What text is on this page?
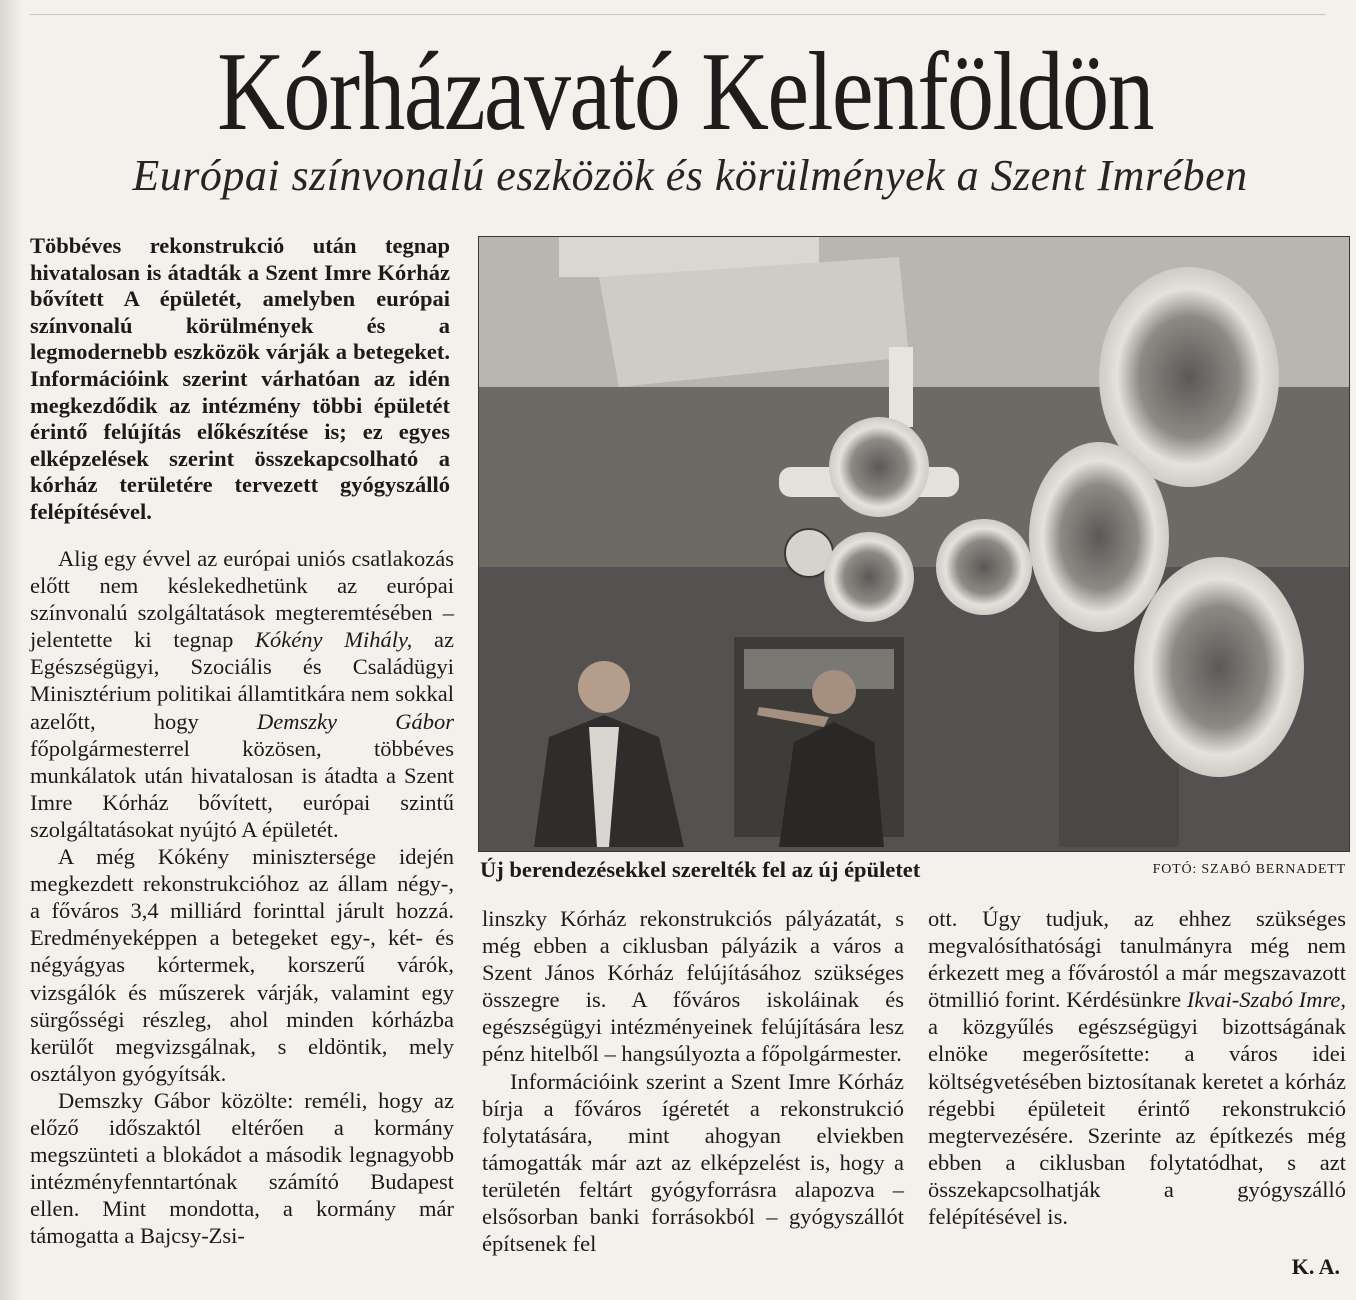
Kórházavató Kelenföldön
Európai színvonalú eszközök és körülmények a Szent Imrében

Többéves rekonstrukció után tegnap hivatalosan is átadták a Szent Imre Kórház bővített A épületét, amelyben európai színvonalú körülmények és a legmodernebb eszközök várják a betegeket. Információink szerint várhatóan az idén megkezdődik az intézmény többi épületét érintő felújítás előkészítése is; ez egyes elképzelések szerint összekapcsolható a kórház területére tervezett gyógyszálló felépítésével.

Alig egy évvel az európai uniós csatlakozás előtt nem késlekedhetünk az európai színvonalú szolgáltatások megteremtésében – jelentette ki tegnap Kókény Mihály, az Egészségügyi, Szociális és Családügyi Minisztérium politikai államtitkára nem sokkal azelőtt, hogy Demszky Gábor főpolgármesterrel közösen, többéves munkálatok után hivatalosan is átadta a Szent Imre Kórház bővített, európai szintű szolgáltatásokat nyújtó A épületét.

A még Kókény minisztersége idején megkezdett rekonstrukcióhoz az állam négy-, a főváros 3,4 milliárd forinttal járult hozzá. Eredményeképpen a betegeket egy-, két- és négyágyas kórtermek, korszerű várók, vizsgálók és műszerek várják, valamint egy sürgősségi részleg, ahol minden kórházba kerülőt megvizsgálnak, s eldöntik, mely osztályon gyógyítsák.

Demszky Gábor közölte: reméli, hogy az előző időszaktól eltérően a kormány megszünteti a blokádot a második legnagyobb intézményfenntartónak számító Budapest ellen. Mint mondotta, a kormány már támogatta a Bajcsy-Zsi-

Új berendezésekkel szerelték fel az új épületet	FOTÓ: SZABÓ BERNADETT

linszky Kórház rekonstrukciós pályázatát, s még ebben a ciklusban pályázik a város a Szent János Kórház felújításához szükséges összegre is. A főváros iskoláinak és egészségügyi intézményeinek felújítására lesz pénz hitelből – hangsúlyozta a főpolgármester.

Információink szerint a Szent Imre Kórház bírja a főváros ígéretét a rekonstrukció folytatására, mint ahogyan elviekben támogatták már azt az elképzelést is, hogy a területén feltárt gyógyforrásra alapozva – elsősorban banki forrásokból – gyógyszállót építsenek fel

ott. Úgy tudjuk, az ehhez szükséges megvalósíthatósági tanulmányra még nem érkezett meg a fővárostól a már megszavazott ötmillió forint. Kérdésünkre Ikvai-Szabó Imre, a közgyűlés egészségügyi bizottságának elnöke megerősítette: a város idei költségvetésében biztosítanak keretet a kórház régebbi épületeit érintő rekonstrukció megtervezésére. Szerinte az építkezés még ebben a ciklusban folytatódhat, s azt összekapcsolhatják a gyógyszálló felépítésével is.

K. A.
